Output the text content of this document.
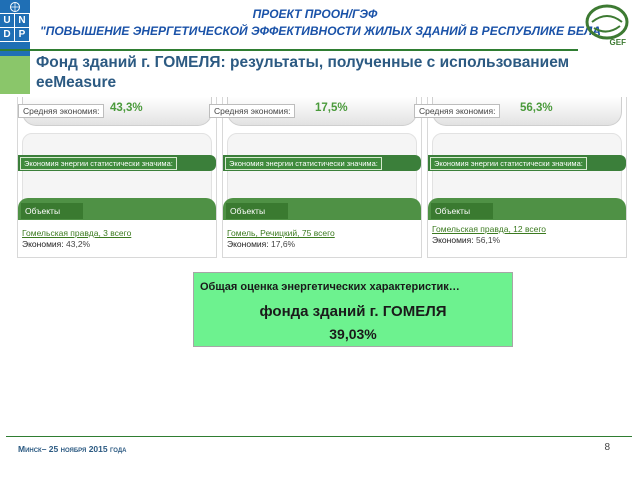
U N
D P
ПРОЕКТ ПРООН/ГЭФ
"ПОВЫШЕНИЕ ЭНЕРГЕТИЧЕСКОЙ ЭФФЕКТИВНОСТИ ЖИЛЫХ ЗДАНИЙ В РЕСПУБЛИКЕ БЕЛА
GEF
Фонд зданий г. ГОМЕЛЯ: результаты, полученные с использованием eeMeasure
Средняя экономия: 43,3%
Экономия энергии статистически значима:
Объекты
Гомельская правда, 3 всего
Экономия: 43,2%
Средняя экономия:	17,5%
Экономия энергии статистически значима:
Объекты
Гомель, Речицкий, 75 всего
Экономия: 17,6%
Средняя экономия:	56,3%
Экономия энергии статистически значима:
Объекты
Гомельская правда, 12 всего
Экономия: 56,1%
Общая оценка энергетических характеристик…
фонда зданий г. ГОМЕЛЯ
39,03%
Минск– 25 ноября 2015 года	8
